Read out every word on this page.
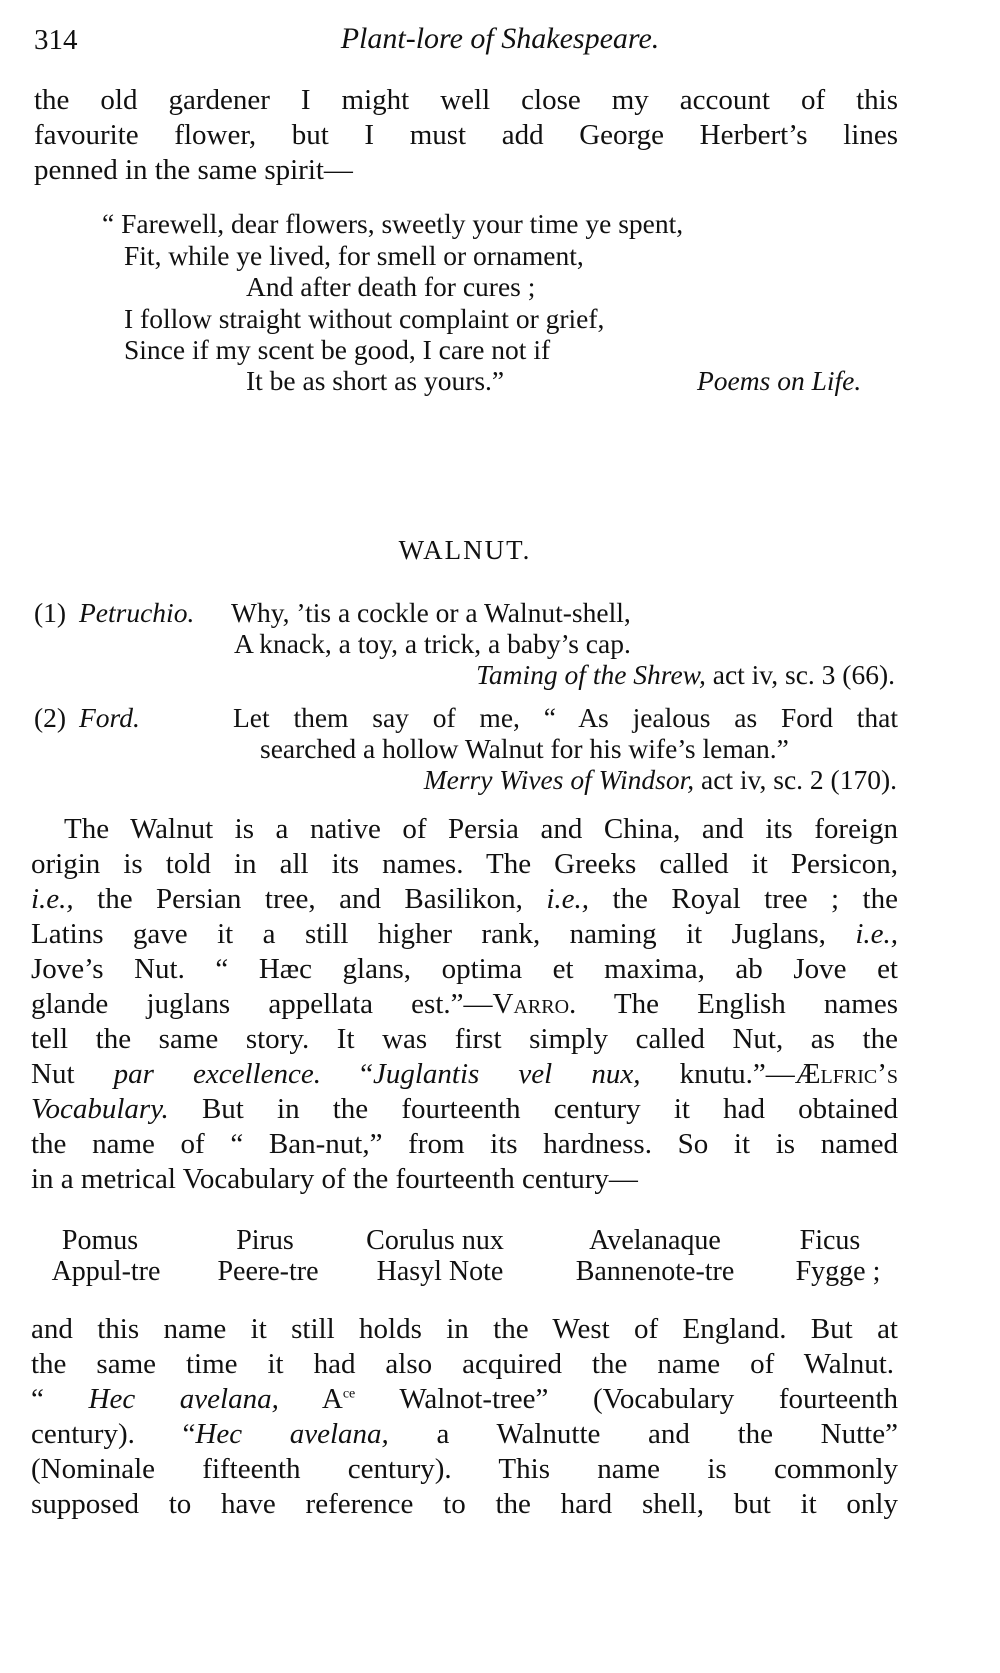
314	Plant-lore of Shakespeare.
the old gardener I might well close my account of this
favourite flower, but I must add George Herbert’s lines
penned in the same spirit—
“ Farewell, dear flowers, sweetly your time ye spent,
Fit, while ye lived, for smell or ornament,
And after death for cures ;
I follow straight without complaint or grief,
Since if my scent be good, I care not if
It be as short as yours.”	Poems on Life.
WALNUT.
(1) Petruchio. Why, ’tis a cockle or a Walnut-shell,
A knack, a toy, a trick, a baby’s cap.
Taming of the Shrew, act iv, sc. 3 (66).
(2) Ford.	Let them say of me, “ As jealous as Ford that
searched a hollow Walnut for his wife’s leman.”
Merry Wives of Windsor, act iv, sc. 2 (170).
The Walnut is a native of Persia and China, and its foreign
origin is told in all its names. The Greeks called it Persicon,
i.e., the Persian tree, and Basilikon, i.e., the Royal tree ; the
Latins gave it a still higher rank, naming it Juglans, i.e.,
Jove’s Nut. “ Hæc glans, optima et maxima, ab Jove et
glande juglans appellata est.”—Varro. The English names
tell the same story. It was first simply called Nut, as the
Nut par excellence. “Juglantis vel nux, knutu.”—Ælfric’s
Vocabulary. But in the fourteenth century it had obtained
the name of “ Ban-nut,” from its hardness. So it is named
in a metrical Vocabulary of the fourteenth century—
Pomus	Pirus	Corulus nux	Avelanaque	Ficus
Appul-tre	Peere-tre	Hasyl Note	Bannenote-tre	Fygge ;
and this name it still holds in the West of England. But at
the same time it had also acquired the name of Walnut.
“ Hec avelana, $A^{ce}$ Walnot-tree” (Vocabulary fourteenth
century). “Hec avelana, a Walnutte and the Nutte”
(Nominale fifteenth century). This name is commonly
supposed to have reference to the hard shell, but it only
